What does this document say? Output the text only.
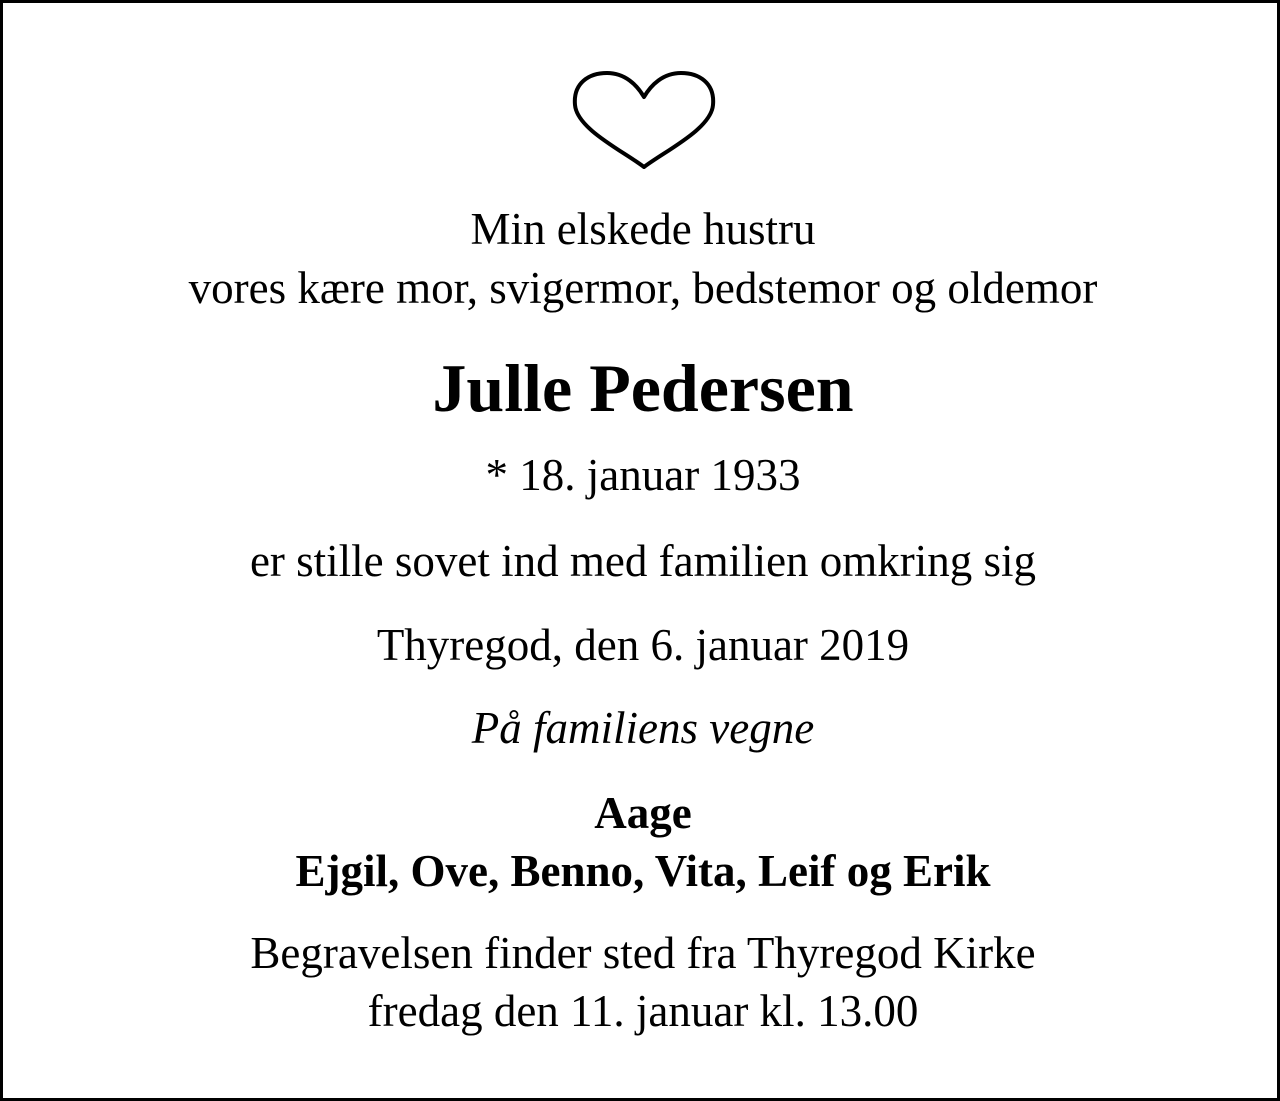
Min elskede hustru

vores kære mor, svigermor, bedstemor og oldemor

Julle Pedersen

* 18. januar 1933

er stille sovet ind med familien omkring sig

Thyregod, den 6. januar 2019

På familiens vegne

Aage

Ejgil, Ove, Benno, Vita, Leif og Erik

Begravelsen finder sted fra Thyregod Kirke

fredag den 11. januar kl. 13.00
